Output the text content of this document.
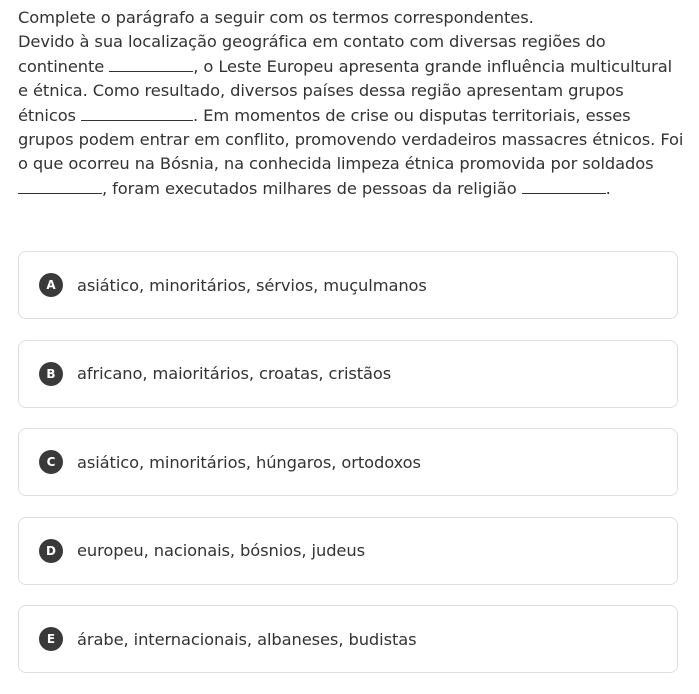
Complete o parágrafo a seguir com os termos correspondentes.

Devido à sua localização geográfica em contato com diversas regiões do continente	, o Leste Europeu apresenta grande influência multicultural e étnica. Como resultado, diversos países dessa região apresentam grupos étnicos	. Em momentos de crise ou disputas territoriais, esses grupos podem entrar em conflito, promovendo verdadeiros massacres étnicos. Foi o que ocorreu na Bósnia, na conhecida limpeza étnica promovida por soldados , foram executados milhares de pessoas da religião	.

A	asiático, minoritários, sérvios, muçulmanos
B	africano, maioritários, croatas, cristãos
C	asiático, minoritários, húngaros, ortodoxos
D	europeu, nacionais, bósnios, judeus
E	árabe, internacionais, albaneses, budistas
